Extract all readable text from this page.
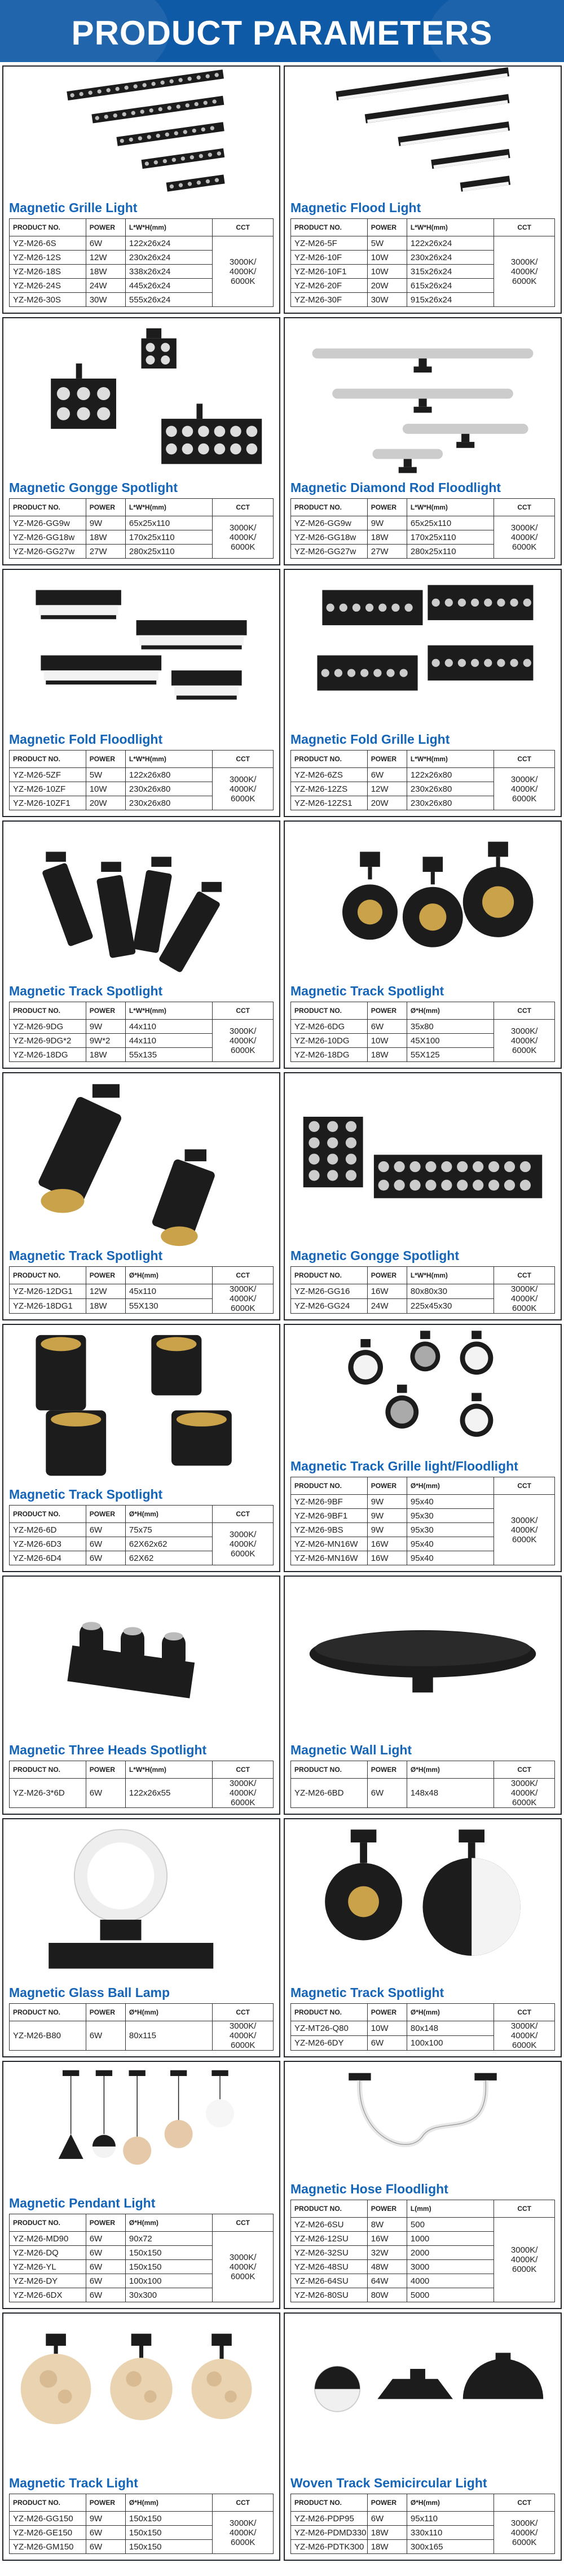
PRODUCT PARAMETERS
Magnetic Grille Light
PRODUCT NO.	POWER	L*W*H(mm)	CCT
YZ-M26-6S	6W	122x26x24	3000K/
4000K/
6000K
YZ-M26-12S	12W	230x26x24	
YZ-M26-18S	18W	338x26x24	
YZ-M26-24S	24W	445x26x24	
YZ-M26-30S	30W	555x26x24	
Magnetic Flood Light
PRODUCT NO.	POWER	L*W*H(mm)	CCT
YZ-M26-5F	5W	122x26x24	3000K/
4000K/
6000K
YZ-M26-10F	10W	230x26x24	
YZ-M26-10F1	10W	315x26x24	
YZ-M26-20F	20W	615x26x24	
YZ-M26-30F	30W	915x26x24	
Magnetic Gongge Spotlight
PRODUCT NO.	POWER	L*W*H(mm)	CCT
YZ-M26-GG9w	9W	65x25x110	3000K/
4000K/
6000K
YZ-M26-GG18w	18W	170x25x110	
YZ-M26-GG27w	27W	280x25x110	
Magnetic Diamond Rod Floodlight
PRODUCT NO.	POWER	L*W*H(mm)	CCT
YZ-M26-GG9w	9W	65x25x110	3000K/
4000K/
6000K
YZ-M26-GG18w	18W	170x25x110	
YZ-M26-GG27w	27W	280x25x110	
Magnetic Fold Floodlight
PRODUCT NO.	POWER	L*W*H(mm)	CCT
YZ-M26-5ZF	5W	122x26x80	3000K/
4000K/
6000K
YZ-M26-10ZF	10W	230x26x80	
YZ-M26-10ZF1	20W	230x26x80	
Magnetic Fold Grille Light
PRODUCT NO.	POWER	L*W*H(mm)	CCT
YZ-M26-6ZS	6W	122x26x80	3000K/
4000K/
6000K
YZ-M26-12ZS	12W	230x26x80	
YZ-M26-12ZS1	20W	230x26x80	
Magnetic Track Spotlight
PRODUCT NO.	POWER	L*W*H(mm)	CCT
YZ-M26-9DG	9W	44x110	3000K/
4000K/
6000K
YZ-M26-9DG*2	9W*2	44x110	
YZ-M26-18DG	18W	55x135	
Magnetic Track Spotlight
PRODUCT NO.	POWER	Ø*H(mm)	CCT
YZ-M26-6DG	6W	35x80	3000K/
4000K/
6000K
YZ-M26-10DG	10W	45X100	
YZ-M26-18DG	18W	55X125	
Magnetic Track Spotlight
PRODUCT NO.	POWER	Ø*H(mm)	CCT
YZ-M26-12DG1	12W	45x110	3000K/
4000K/
6000K
YZ-M26-18DG1	18W	55X130	
Magnetic Gongge Spotlight
PRODUCT NO.	POWER	L*W*H(mm)	CCT
YZ-M26-GG16	16W	80x80x30	3000K/
4000K/
6000K
YZ-M26-GG24	24W	225x45x30	
Magnetic Track Spotlight
PRODUCT NO.	POWER	Ø*H(mm)	CCT
YZ-M26-6D	6W	75x75	3000K/
4000K/
6000K
YZ-M26-6D3	6W	62X62x62	
YZ-M26-6D4	6W	62X62	
Magnetic Track Grille light/Floodlight
PRODUCT NO.	POWER	Ø*H(mm)	CCT
YZ-M26-9BF	9W	95x40	3000K/
4000K/
6000K
YZ-M26-9BF1	9W	95x30	
YZ-M26-9BS	9W	95x30	
YZ-M26-MN16W	16W	95x40	
YZ-M26-MN16W	16W	95x40	
Magnetic Three Heads Spotlight
PRODUCT NO.	POWER	L*W*H(mm)	CCT
YZ-M26-3*6D	6W	122x26x55	3000K/
4000K/
6000K
Magnetic Wall Light
PRODUCT NO.	POWER	Ø*H(mm)	CCT
YZ-M26-6BD	6W	148x48	3000K/
4000K/
6000K
Magnetic Glass Ball Lamp
PRODUCT NO.	POWER	Ø*H(mm)	CCT
YZ-M26-B80	6W	80x115	3000K/
4000K/
6000K
Magnetic Track Spotlight
PRODUCT NO.	POWER	Ø*H(mm)	CCT
YZ-MT26-Q80	10W	80x148	3000K/
4000K/
6000K
YZ-M26-6DY	6W	100x100	
Magnetic Pendant Light
PRODUCT NO.	POWER	Ø*H(mm)	CCT
YZ-M26-MD90	6W	90x72	3000K/
4000K/
6000K
YZ-M26-DQ	6W	150x150	
YZ-M26-YL	6W	150x150	
YZ-M26-DY	6W	100x100	
YZ-M26-6DX	6W	30x300	
Magnetic Hose Floodlight
PRODUCT NO.	POWER	L(mm)	CCT
YZ-M26-6SU	8W	500	3000K/
4000K/
6000K
YZ-M26-12SU	16W	1000	
YZ-M26-32SU	32W	2000	
YZ-M26-48SU	48W	3000	
YZ-M26-64SU	64W	4000	
YZ-M26-80SU	80W	5000	
Magnetic Track Light
PRODUCT NO.	POWER	Ø*H(mm)	CCT
YZ-M26-GG150	9W	150x150	3000K/
4000K/
6000K
YZ-M26-GE150	6W	150x150	
YZ-M26-GM150	6W	150x150	
Woven Track Semicircular Light
PRODUCT NO.	POWER	Ø*H(mm)	CCT
YZ-M26-PDP95	6W	95x110	3000K/
4000K/
6000K
YZ-M26-PDMD330	18W	330x110	
YZ-M26-PDTK300	18W	300x165	
